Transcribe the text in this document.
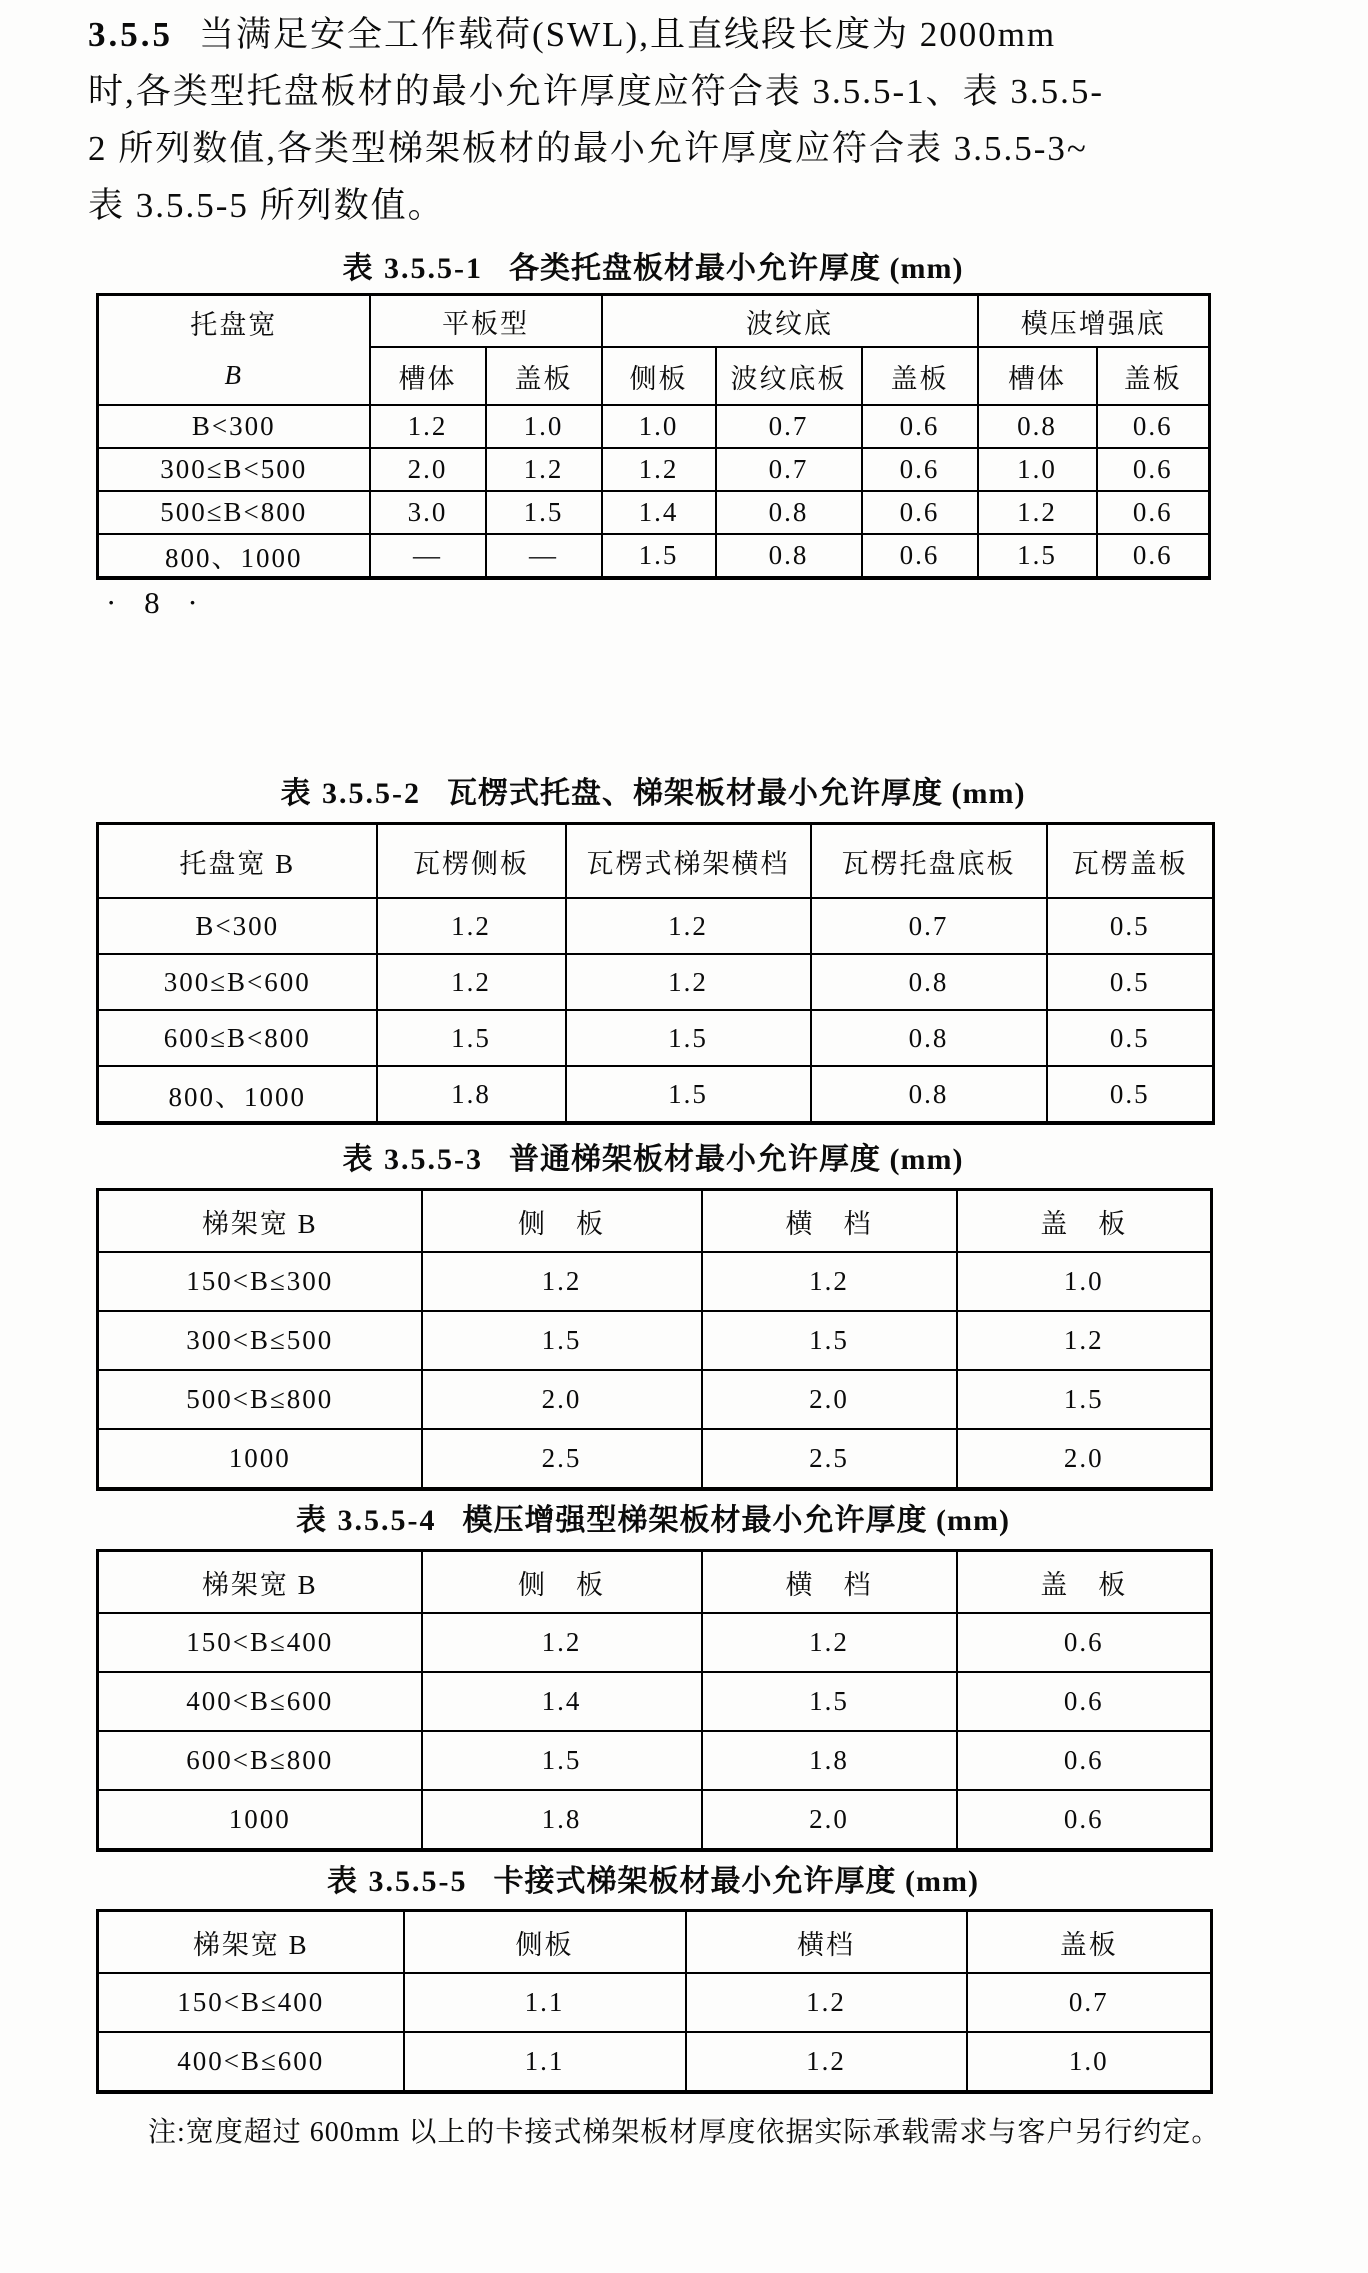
3.5.5 当满足安全工作载荷(SWL),且直线段长度为 2000mm
时,各类型托盘板材的最小允许厚度应符合表 3.5.5-1、表 3.5.5-
2 所列数值,各类型梯架板材的最小允许厚度应符合表 3.5.5-3~
表 3.5.5-5 所列数值。
表 3.5.5-1 各类托盘板材最小允许厚度 (mm)
托盘宽
B	平板型		波纹底			模压增强底	
	槽体	盖板	侧板	波纹底板	盖板	槽体	盖板
B<300	1.2	1.0	1.0	0.7	0.6	0.8	0.6
300≤B<500	2.0	1.2	1.2	0.7	0.6	1.0	0.6
500≤B<800	3.0	1.5	1.4	0.8	0.6	1.2	0.6
800、1000	—	—	1.5	0.8	0.6	1.5	0.6
· 8 ·
表 3.5.5-2 瓦楞式托盘、梯架板材最小允许厚度 (mm)
托盘宽 B	瓦楞侧板	瓦楞式梯架横档	瓦楞托盘底板	瓦楞盖板
B<300	1.2	1.2	0.7	0.5
300≤B<600	1.2	1.2	0.8	0.5
600≤B<800	1.5	1.5	0.8	0.5
800、1000	1.8	1.5	0.8	0.5
表 3.5.5-3 普通梯架板材最小允许厚度 (mm)
梯架宽 B	侧　板	横　档	盖　板
150<B≤300	1.2	1.2	1.0
300<B≤500	1.5	1.5	1.2
500<B≤800	2.0	2.0	1.5
1000	2.5	2.5	2.0
表 3.5.5-4 模压增强型梯架板材最小允许厚度 (mm)
梯架宽 B	侧　板	横　档	盖　板
150<B≤400	1.2	1.2	0.6
400<B≤600	1.4	1.5	0.6
600<B≤800	1.5	1.8	0.6
1000	1.8	2.0	0.6
表 3.5.5-5 卡接式梯架板材最小允许厚度 (mm)
梯架宽 B	侧板	横档	盖板
150<B≤400	1.1	1.2	0.7
400<B≤600	1.1	1.2	1.0
注:宽度超过 600mm 以上的卡接式梯架板材厚度依据实际承载需求与客户另行约定。
